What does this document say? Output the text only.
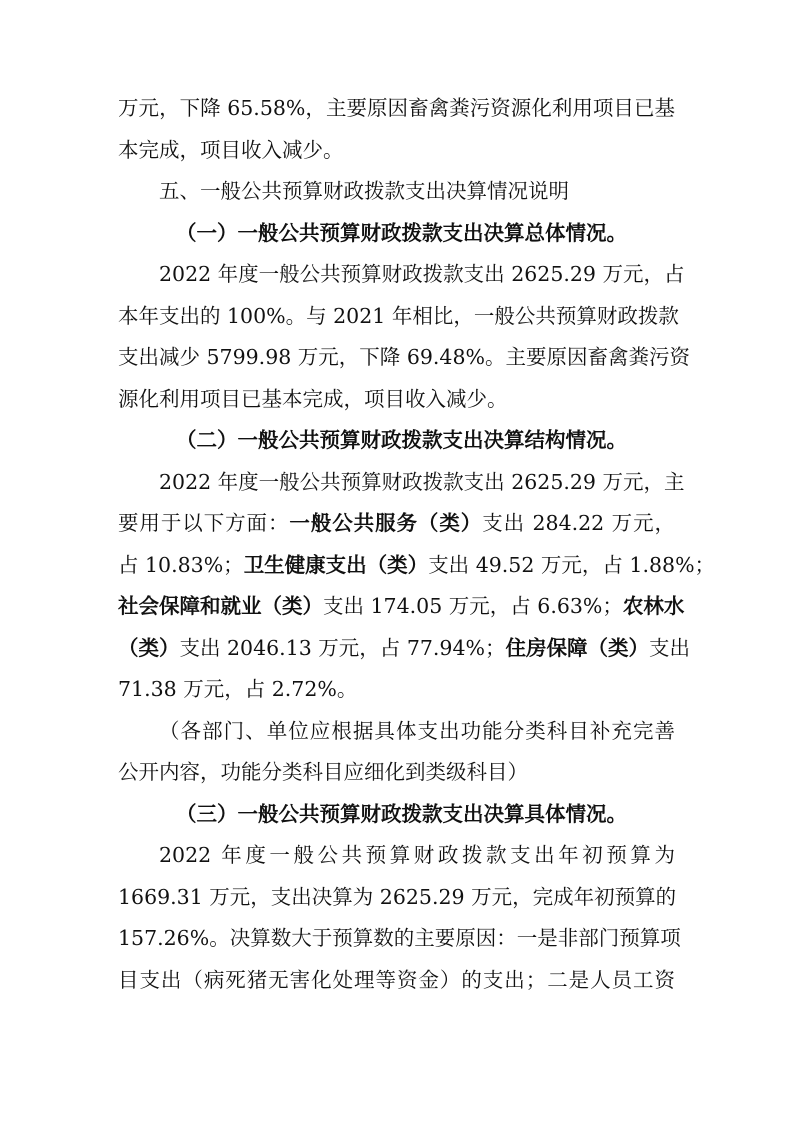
万元，下降 65.58%，主要原因畜禽粪污资源化利用项目已基
本完成，项目收入减少。
五、一般公共预算财政拨款支出决算情况说明
（一）一般公共预算财政拨款支出决算总体情况。
2022 年度一般公共预算财政拨款支出 2625.29 万元，占
本年支出的 100%。与 2021 年相比，一般公共预算财政拨款
支出减少 5799.98 万元，下降 69.48%。主要原因畜禽粪污资
源化利用项目已基本完成，项目收入减少。
（二）一般公共预算财政拨款支出决算结构情况。
2022 年度一般公共预算财政拨款支出 2625.29 万元，主
要用于以下方面：一般公共服务（类）支出 284.22 万元，
占 10.83%；卫生健康支出（类）支出 49.52 万元，占 1.88%；
社会保障和就业（类）支出 174.05 万元，占 6.63%；农林水
（类）支出 2046.13 万元，占 77.94%；住房保障（类）支出
71.38 万元，占 2.72%。
（各部门、单位应根据具体支出功能分类科目补充完善
公开内容，功能分类科目应细化到类级科目）
（三）一般公共预算财政拨款支出决算具体情况。
2022 年度一般公共预算财政拨款支出年初预算为
1669.31 万元，支出决算为 2625.29 万元，完成年初预算的
157.26%。决算数大于预算数的主要原因：一是非部门预算项
目支出（病死猪无害化处理等资金）的支出；二是人员工资
